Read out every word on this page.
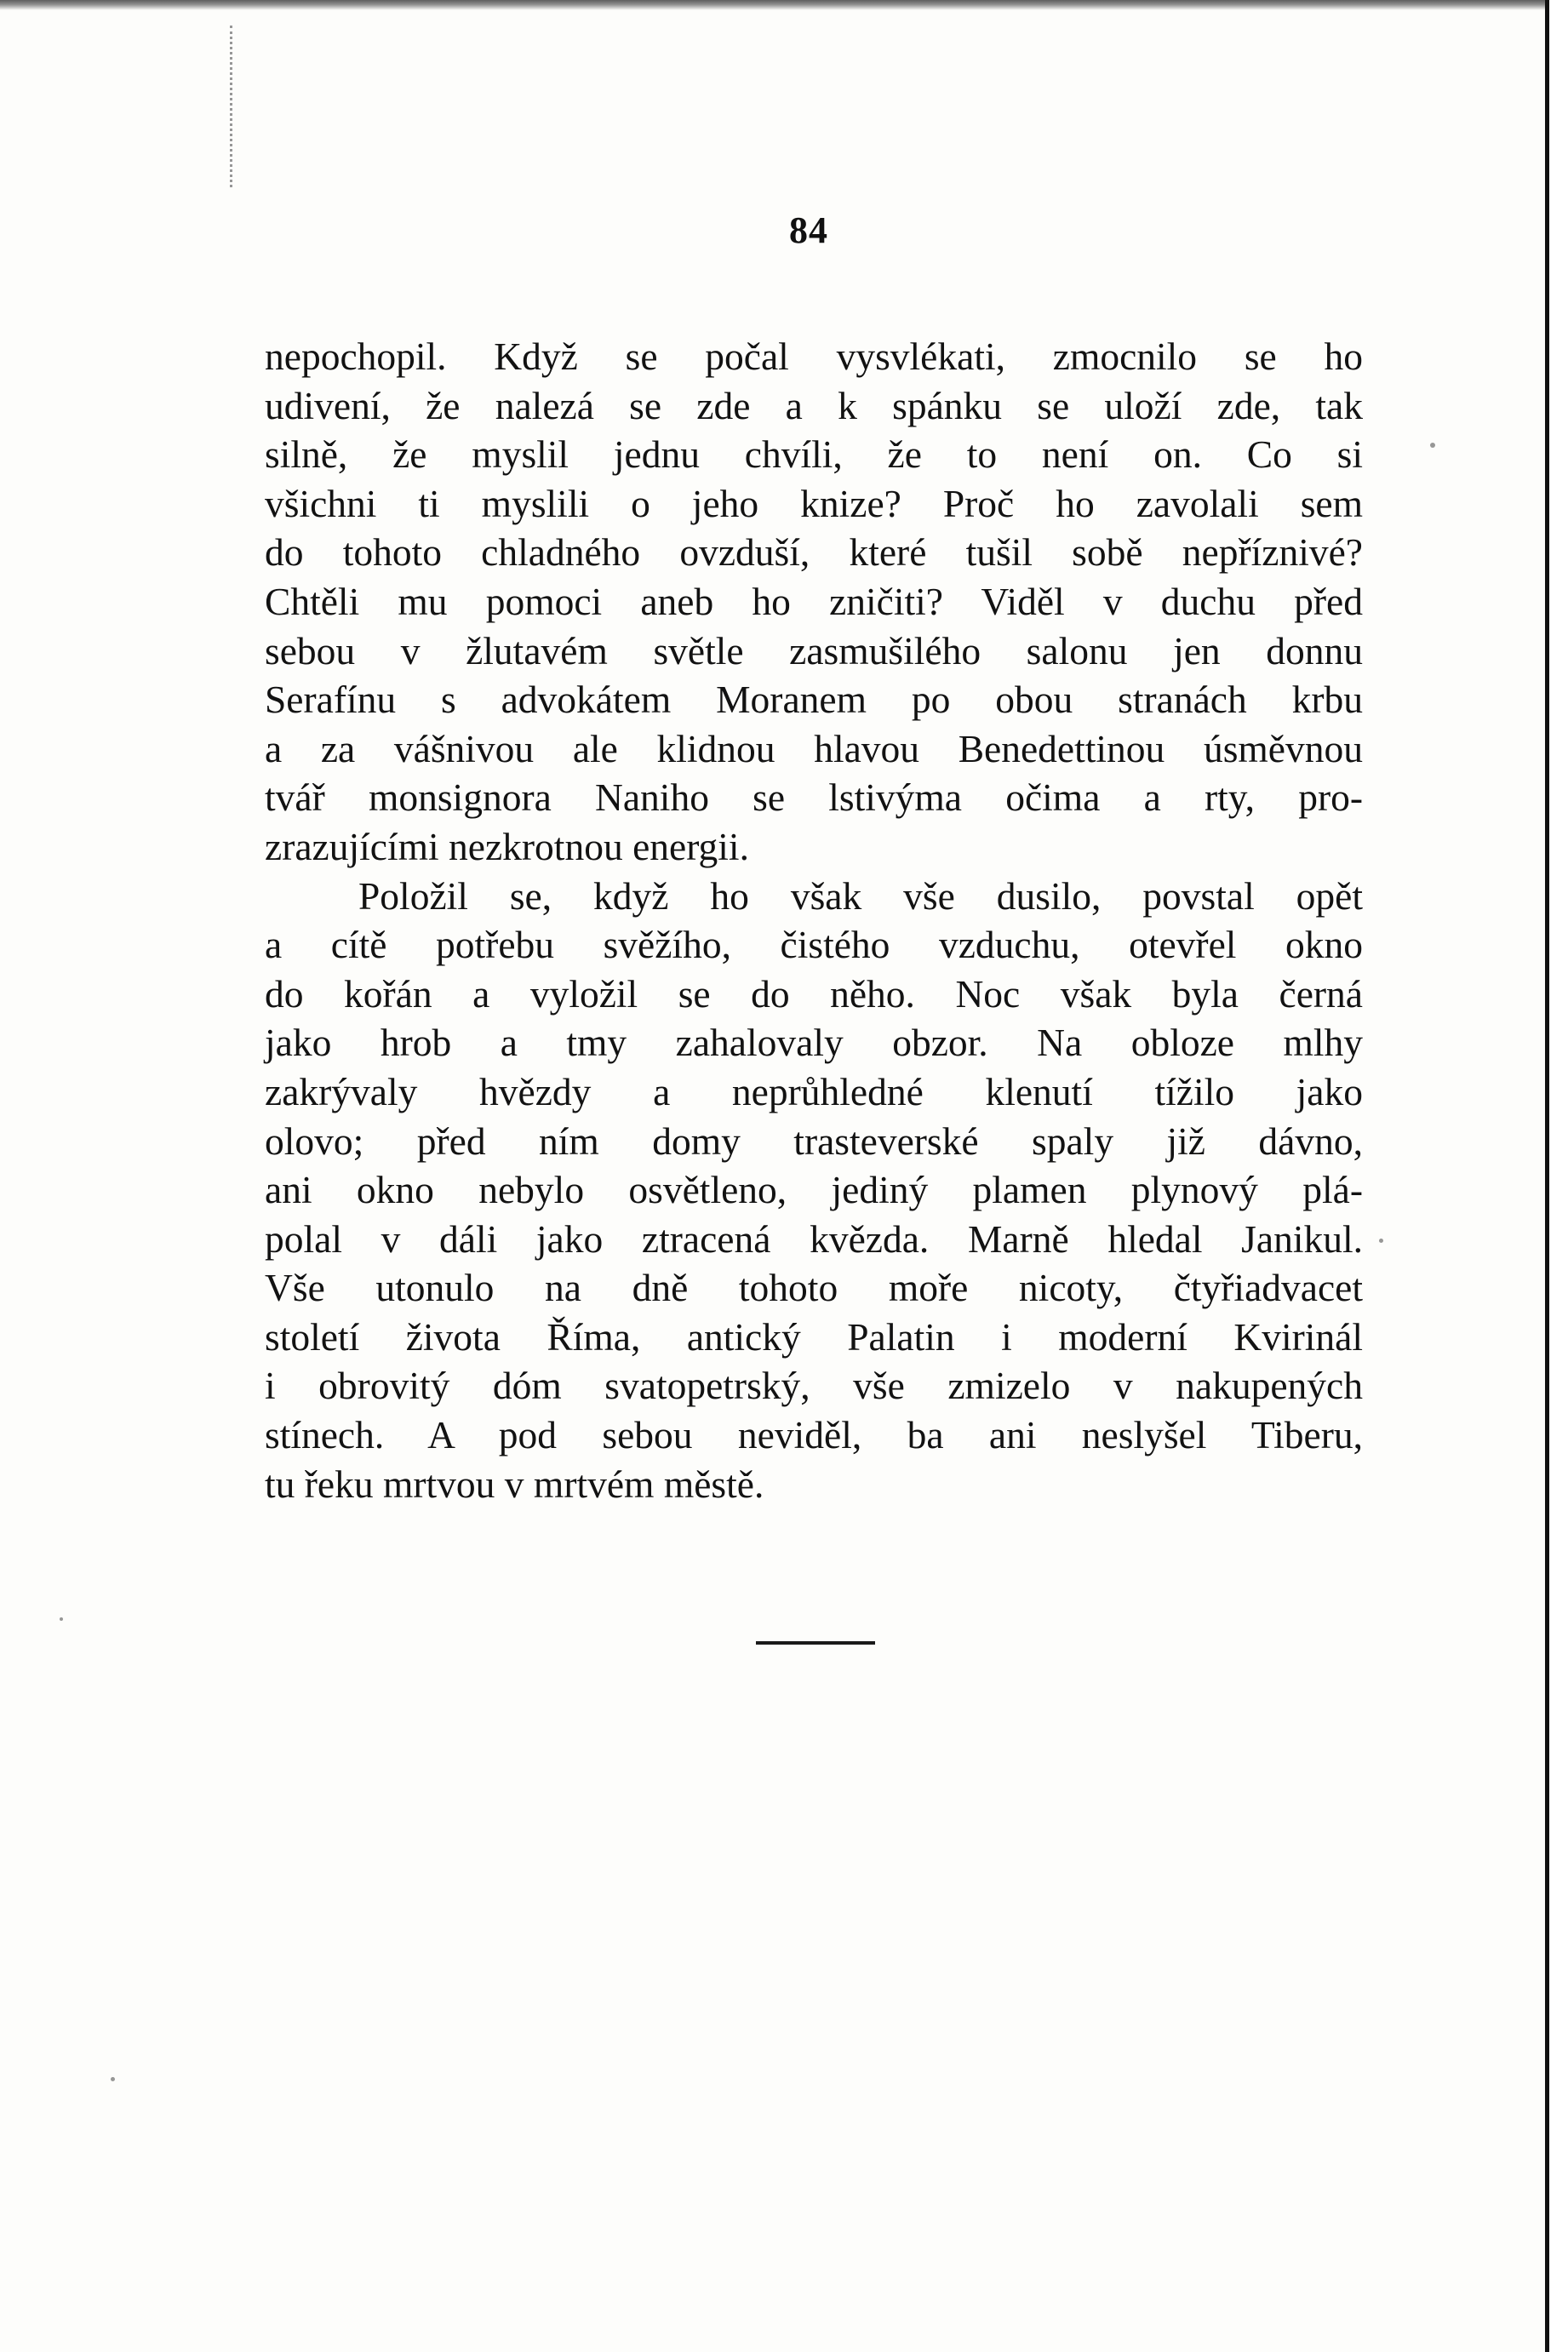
84
nepochopil. Když se počal vysvlékati, zmocnilo se ho
udivení, že nalezá se zde a k spánku se uloží zde, tak
silně, že myslil jednu chvíli, že to není on. Co si
všichni ti myslili o jeho knize? Proč ho zavolali sem
do tohoto chladného ovzduší, které tušil sobě nepříznivé?
Chtěli mu pomoci aneb ho zničiti? Viděl v duchu před
sebou v žlutavém světle zasmušilého salonu jen donnu
Serafínu s advokátem Moranem po obou stranách krbu
a za vášnivou ale klidnou hlavou Benedettinou úsměvnou
tvář monsignora Naniho se lstivýma očima a rty, pro-
zrazujícími nezkrotnou energii.
Položil se, když ho však vše dusilo, povstal opět
a cítě potřebu svěžího, čistého vzduchu, otevřel okno
do kořán a vyložil se do něho. Noc však byla černá
jako hrob a tmy zahalovaly obzor. Na obloze mlhy
zakrývaly hvězdy a neprůhledné klenutí tížilo jako
olovo; před ním domy trasteverské spaly již dávno,
ani okno nebylo osvětleno, jediný plamen plynový plá-
polal v dáli jako ztracená kvězda. Marně hledal Janikul.
Vše utonulo na dně tohoto moře nicoty, čtyřiadvacet
století života Říma, antický Palatin i moderní Kvirinál
i obrovitý dóm svatopetrský, vše zmizelo v nakupených
stínech. A pod sebou neviděl, ba ani neslyšel Tiberu,
tu řeku mrtvou v mrtvém městě.
